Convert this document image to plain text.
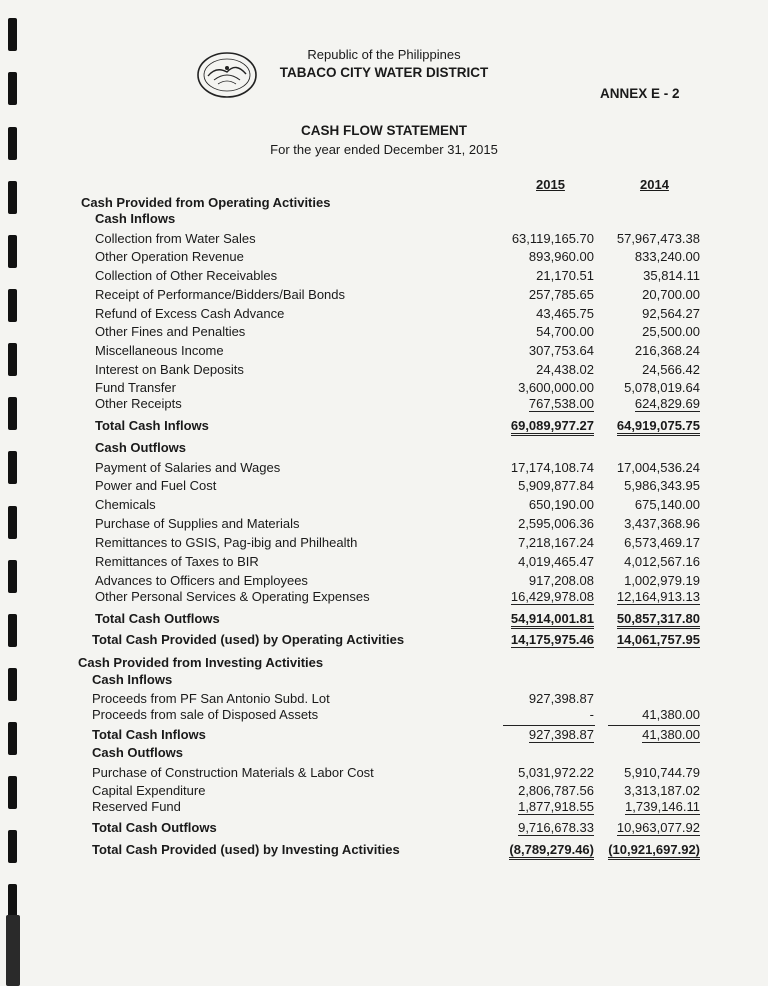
Republic of the Philippines
TABACO CITY WATER DISTRICT
ANNEX E - 2
CASH FLOW STATEMENT
For the year ended December 31, 2015
2015	2014
Cash Provided from Operating Activities
Cash Inflows
Collection from Water Sales	63,119,165.70 57,967,473.38
Other Operation Revenue	893,960.00	833,240.00
Collection of Other Receivables	21,170.51	35,814.11
Receipt of Performance/Bidders/Bail Bonds	257,785.65	20,700.00
Refund of Excess Cash Advance	43,465.75	92,564.27
Other Fines and Penalties	54,700.00	25,500.00
Miscellaneous Income	307,753.64	216,368.24
Interest on Bank Deposits	24,438.02	24,566.42
Fund Transfer	3,600,000.00 5,078,019.64
Other Receipts	767,538.00	624,829.69
Total Cash Inflows	69,089,977.27 64,919,075.75
Cash Outflows
Payment of Salaries and Wages	17,174,108.74 17,004,536.24
Power and Fuel Cost	5,909,877.84 5,986,343.95
Chemicals	650,190.00	675,140.00
Purchase of Supplies and Materials	2,595,006.36 3,437,368.96
Remittances to GSIS, Pag-ibig and Philhealth	7,218,167.24 6,573,469.17
Remittances of Taxes to BIR	4,019,465.47 4,012,567.16
Advances to Officers and Employees	917,208.08 1,002,979.19
Other Personal Services & Operating Expenses	16,429,978.08 12,164,913.13
Total Cash Outflows	54,914,001.81 50,857,317.80
Total Cash Provided (used) by Operating Activities	14,175,975.46 14,061,757.95
Cash Provided from Investing Activities
Cash Inflows
Proceeds from PF San Antonio Subd. Lot	927,398.87
Proceeds from sale of Disposed Assets	-	41,380.00
Total Cash Inflows	927,398.87	41,380.00
Cash Outflows
Purchase of Construction Materials & Labor Cost	5,031,972.22 5,910,744.79
Capital Expenditure	2,806,787.56 3,313,187.02
Reserved Fund	1,877,918.55 1,739,146.11
Total Cash Outflows	9,716,678.33 10,963,077.92
Total Cash Provided (used) by Investing Activities	(8,789,279.46) (10,921,697.92)
